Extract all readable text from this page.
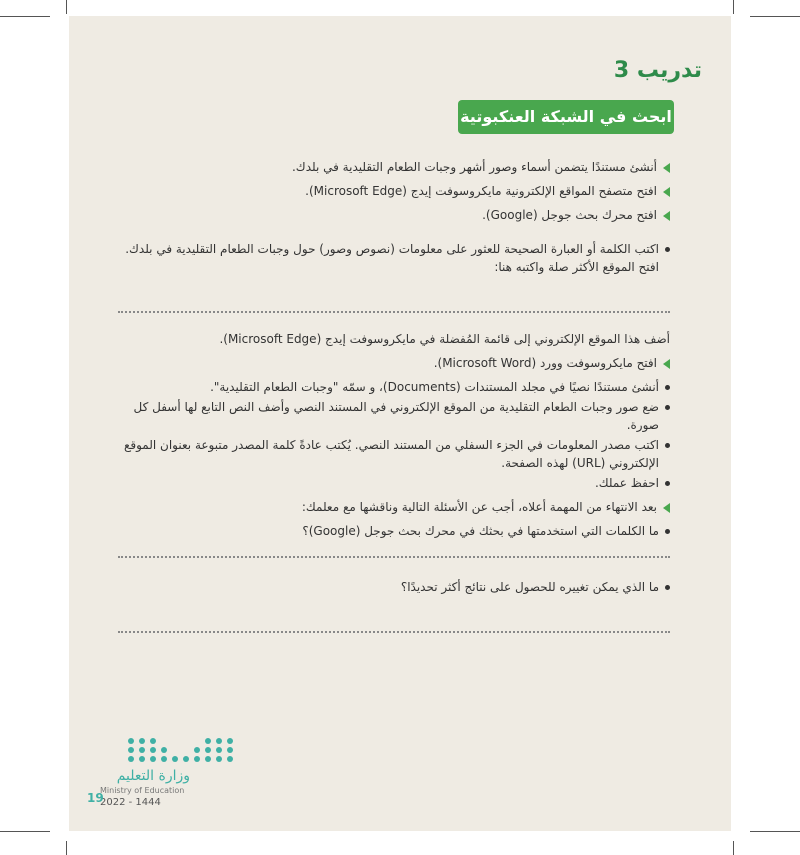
تدريب 3
ابحث في الشبكة العنكبوتية
أنشئ مستندًا يتضمن أسماء وصور أشهر وجبات الطعام التقليدية في بلدك.
افتح متصفح المواقع الإلكترونية مايكروسوفت إيدج (Microsoft Edge).
افتح محرك بحث جوجل (Google).
اكتب الكلمة أو العبارة الصحيحة للعثور على معلومات (نصوص وصور) حول وجبات الطعام التقليدية في بلدك. افتح الموقع الأكثر صلة واكتبه هنا:
أضف هذا الموقع الإلكتروني إلى قائمة المُفضلة في مايكروسوفت إيدج (Microsoft Edge).
افتح مايكروسوفت وورد (Microsoft Word).
أنشئ مستندًا نصيًا في مجلد المستندات (Documents)، و سمّه "وجبات الطعام التقليدية".
ضع صور وجبات الطعام التقليدية من الموقع الإلكتروني في المستند النصي وأضف النص التابع لها أسفل كل صورة.
اكتب مصدر المعلومات في الجزء السفلي من المستند النصي. يُكتب عادةً كلمة المصدر متبوعة بعنوان الموقع الإلكتروني (URL) لهذه الصفحة.
احفظ عملك.
بعد الانتهاء من المهمة أعلاه، أجب عن الأسئلة التالية وناقشها مع معلمك:
ما الكلمات التي استخدمتها في بحثك في محرك بحث جوجل (Google)؟
ما الذي يمكن تغييره للحصول على نتائج أكثر تحديدًا؟
وزارة التعليم
Ministry of Education
2022 - 1444
19
